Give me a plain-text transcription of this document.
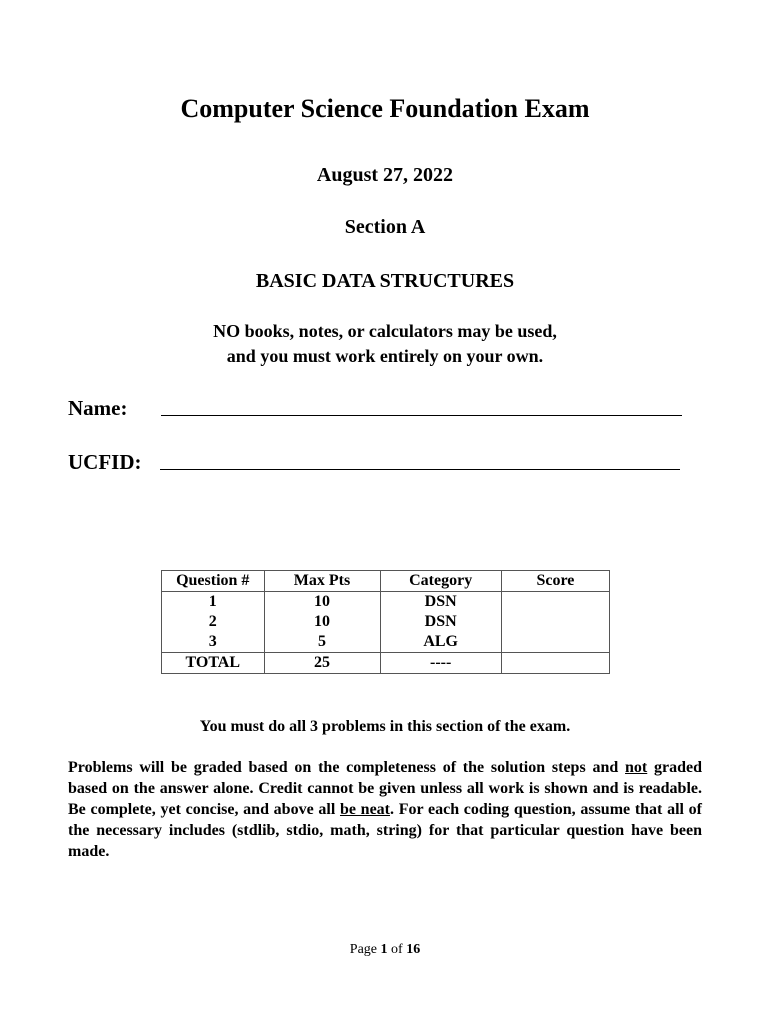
Computer Science Foundation Exam
August 27, 2022
Section A
BASIC DATA STRUCTURES
NO books, notes, or calculators may be used,
and you must work entirely on your own.
Name:
UCFID:
Question #	Max Pts	Category	Score
1	10	DSN	
2	10	DSN	
3	5	ALG	
TOTAL	25	----	
You must do all 3 problems in this section of the exam.
Problems will be graded based on the completeness of the solution steps and not graded based on the answer alone. Credit cannot be given unless all work is shown and is readable. Be complete, yet concise, and above all be neat. For each coding question, assume that all of the necessary includes (stdlib, stdio, math, string) for that particular question have been made.
Page 1 of 16
